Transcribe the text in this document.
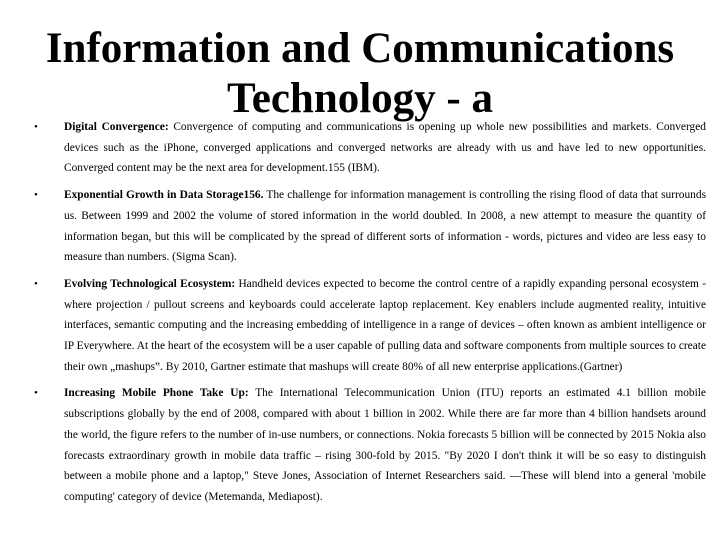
Information and Communications
Technology - a
• Digital Convergence: Convergence of computing and communications is opening up whole new possibilities and markets. Converged devices such as the iPhone, converged applications and converged networks are already with us and have led to new opportunities. Converged content may be the next area for development.155 (IBM).
• Exponential Growth in Data Storage156. The challenge for information management is controlling the rising flood of data that surrounds us. Between 1999 and 2002 the volume of stored information in the world doubled. In 2008, a new attempt to measure the quantity of information began, but this will be complicated by the spread of different sorts of information - words, pictures and video are less easy to measure than numbers. (Sigma Scan).
• Evolving Technological Ecosystem: Handheld devices expected to become the control centre of a rapidly expanding personal ecosystem - where projection / pullout screens and keyboards could accelerate laptop replacement. Key enablers include augmented reality, intuitive interfaces, semantic computing and the increasing embedding of intelligence in a range of devices – often known as ambient intelligence or IP Everywhere. At the heart of the ecosystem will be a user capable of pulling data and software components from multiple sources to create their own „mashups‟. By 2010, Gartner estimate that mashups will create 80% of all new enterprise applications.(Gartner)
• Increasing Mobile Phone Take Up: The International Telecommunication Union (ITU) reports an estimated 4.1 billion mobile subscriptions globally by the end of 2008, compared with about 1 billion in 2002. While there are far more than 4 billion handsets around the world, the figure refers to the number of in-use numbers, or connections. Nokia forecasts 5 billion will be connected by 2015 Nokia also forecasts extraordinary growth in mobile data traffic – rising 300-fold by 2015. "By 2020 I don't think it will be so easy to distinguish between a mobile phone and a laptop," Steve Jones, Association of Internet Researchers said. ―These will blend into a general 'mobile computing' category of device (Metemanda, Mediapost).
